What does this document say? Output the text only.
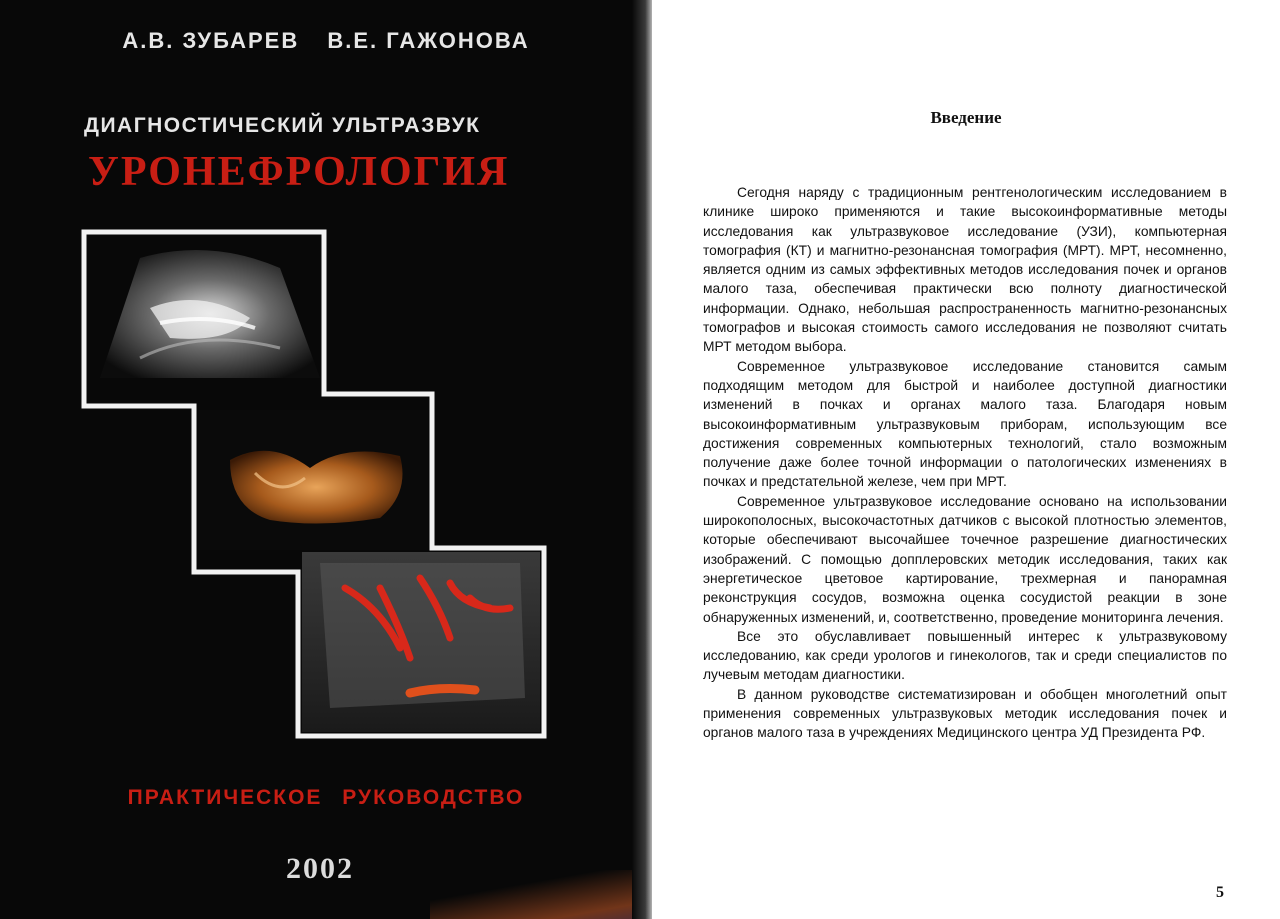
А.В. ЗУБАРЕВ В.Е. ГАЖОНОВА
ДИАГНОСТИЧЕСКИЙ УЛЬТРАЗВУК
УРОНЕФРОЛОГИЯ
ПРАКТИЧЕСКОЕ РУКОВОДСТВО
2002
Введение

Сегодня наряду с традиционным рентгенологическим исследованием в клинике широко применяются и такие высокоинформативные методы исследования как ультразвуковое исследование (УЗИ), компьютерная томография (КТ) и магнитно-резонансная томография (МРТ). МРТ, несомненно, является одним из самых эффективных методов исследования почек и органов малого таза, обеспечивая практически всю полноту диагностической информации. Однако, небольшая распространенность магнитно-резонансных томографов и высокая стоимость самого исследования не позволяют считать МРТ методом выбора.

Современное ультразвуковое исследование становится самым подходящим методом для быстрой и наиболее доступной диагностики изменений в почках и органах малого таза. Благодаря новым высокоинформативным ультразвуковым приборам, использующим все достижения современных компьютерных технологий, стало возможным получение даже более точной информации о патологических изменениях в почках и предстательной железе, чем при МРТ.

Современное ультразвуковое исследование основано на использовании широкополосных, высокочастотных датчиков с высокой плотностью элементов, которые обеспечивают высочайшее точечное разрешение диагностических изображений. С помощью допплеровских методик исследования, таких как энергетическое цветовое картирование, трехмерная и панорамная реконструкция сосудов, возможна оценка сосудистой реакции в зоне обнаруженных изменений, и, соответственно, проведение мониторинга лечения.

Все это обуславливает повышенный интерес к ультразвуковому исследованию, как среди урологов и гинекологов, так и среди специалистов по лучевым методам диагностики.

В данном руководстве систематизирован и обобщен многолетний опыт применения современных ультразвуковых методик исследования почек и органов малого таза в учреждениях Медицинского центра УД Президента РФ.

5
